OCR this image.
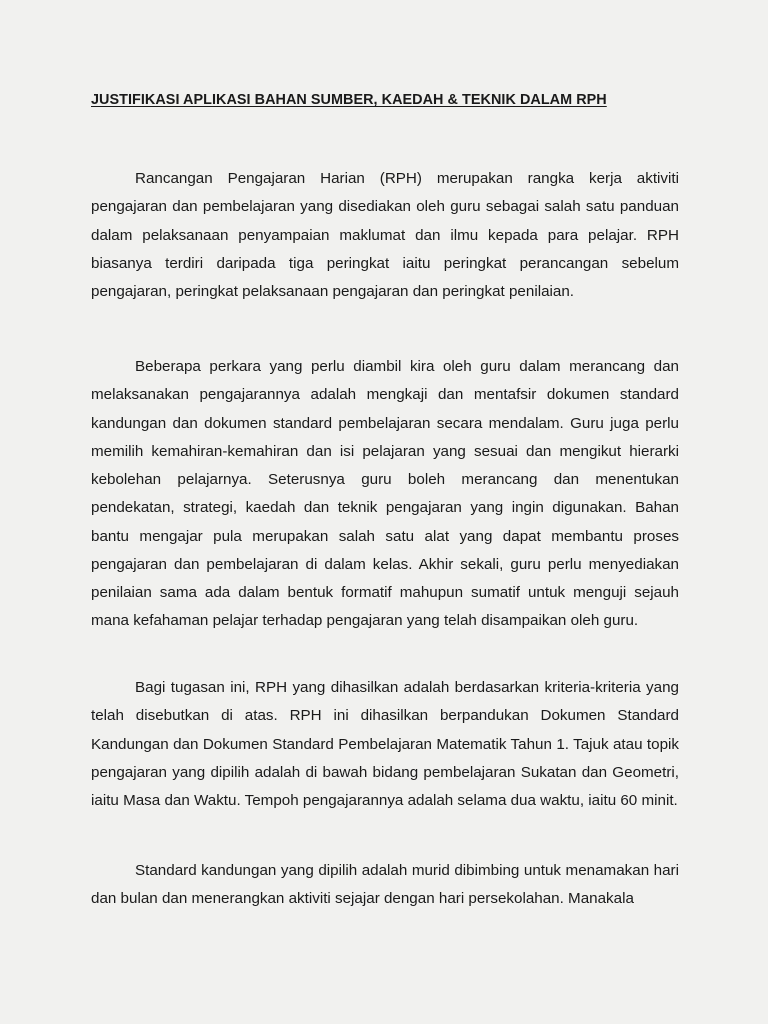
JUSTIFIKASI APLIKASI BAHAN SUMBER, KAEDAH & TEKNIK DALAM RPH

Rancangan Pengajaran Harian (RPH) merupakan rangka kerja aktiviti pengajaran dan pembelajaran yang disediakan oleh guru sebagai salah satu panduan dalam pelaksanaan penyampaian maklumat dan ilmu kepada para pelajar. RPH biasanya terdiri daripada tiga peringkat iaitu peringkat perancangan sebelum pengajaran, peringkat pelaksanaan pengajaran dan peringkat penilaian.

Beberapa perkara yang perlu diambil kira oleh guru dalam merancang dan melaksanakan pengajarannya adalah mengkaji dan mentafsir dokumen standard kandungan dan dokumen standard pembelajaran secara mendalam. Guru juga perlu memilih kemahiran-kemahiran dan isi pelajaran yang sesuai dan mengikut hierarki kebolehan pelajarnya. Seterusnya guru boleh merancang dan menentukan pendekatan, strategi, kaedah dan teknik pengajaran yang ingin digunakan. Bahan bantu mengajar pula merupakan salah satu alat yang dapat membantu proses pengajaran dan pembelajaran di dalam kelas. Akhir sekali, guru perlu menyediakan penilaian sama ada dalam bentuk formatif mahupun sumatif untuk menguji sejauh mana kefahaman pelajar terhadap pengajaran yang telah disampaikan oleh guru.

Bagi tugasan ini, RPH yang dihasilkan adalah berdasarkan kriteria-kriteria yang telah disebutkan di atas. RPH ini dihasilkan berpandukan Dokumen Standard Kandungan dan Dokumen Standard Pembelajaran Matematik Tahun 1. Tajuk atau topik pengajaran yang dipilih adalah di bawah bidang pembelajaran Sukatan dan Geometri, iaitu Masa dan Waktu. Tempoh pengajarannya adalah selama dua waktu, iaitu 60 minit.

Standard kandungan yang dipilih adalah murid dibimbing untuk menamakan hari dan bulan dan menerangkan aktiviti sejajar dengan hari persekolahan. Manakala
